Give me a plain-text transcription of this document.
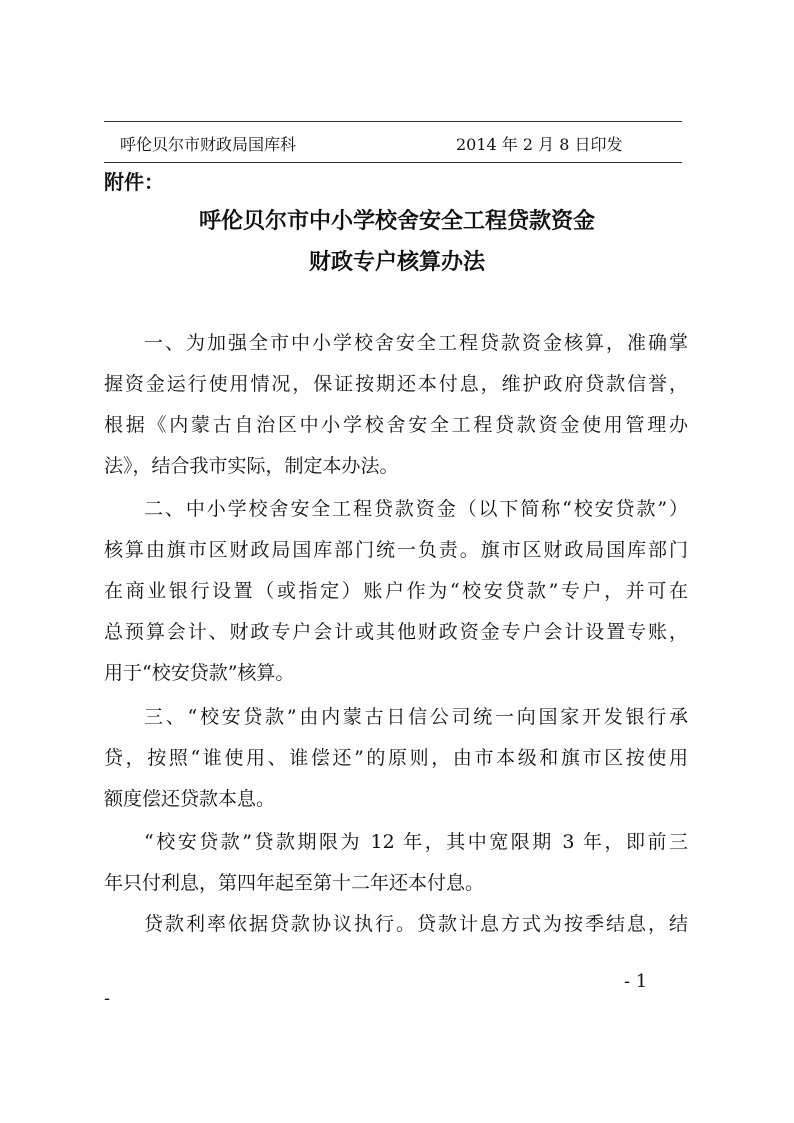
呼伦贝尔市财政局国库科	2014 年 2 月 8 日印发
附件：
呼伦贝尔市中小学校舍安全工程贷款资金
财政专户核算办法
一、为加强全市中小学校舍安全工程贷款资金核算，准确掌
握资金运行使用情况，保证按期还本付息，维护政府贷款信誉，
根据《内蒙古自治区中小学校舍安全工程贷款资金使用管理办
法》，结合我市实际，制定本办法。
二、中小学校舍安全工程贷款资金（以下简称“校安贷款”）
核算由旗市区财政局国库部门统一负责。旗市区财政局国库部门
在商业银行设置（或指定）账户作为“校安贷款”专户，并可在
总预算会计、财政专户会计或其他财政资金专户会计设置专账，
用于“校安贷款”核算。
三、“校安贷款”由内蒙古日信公司统一向国家开发银行承
贷，按照“谁使用、谁偿还”的原则，由市本级和旗市区按使用
额度偿还贷款本息。
“校安贷款”贷款期限为 12 年，其中宽限期 3 年，即前三
年只付利息，第四年起至第十二年还本付息。
贷款利率依据贷款协议执行。贷款计息方式为按季结息，结
- 1
-
